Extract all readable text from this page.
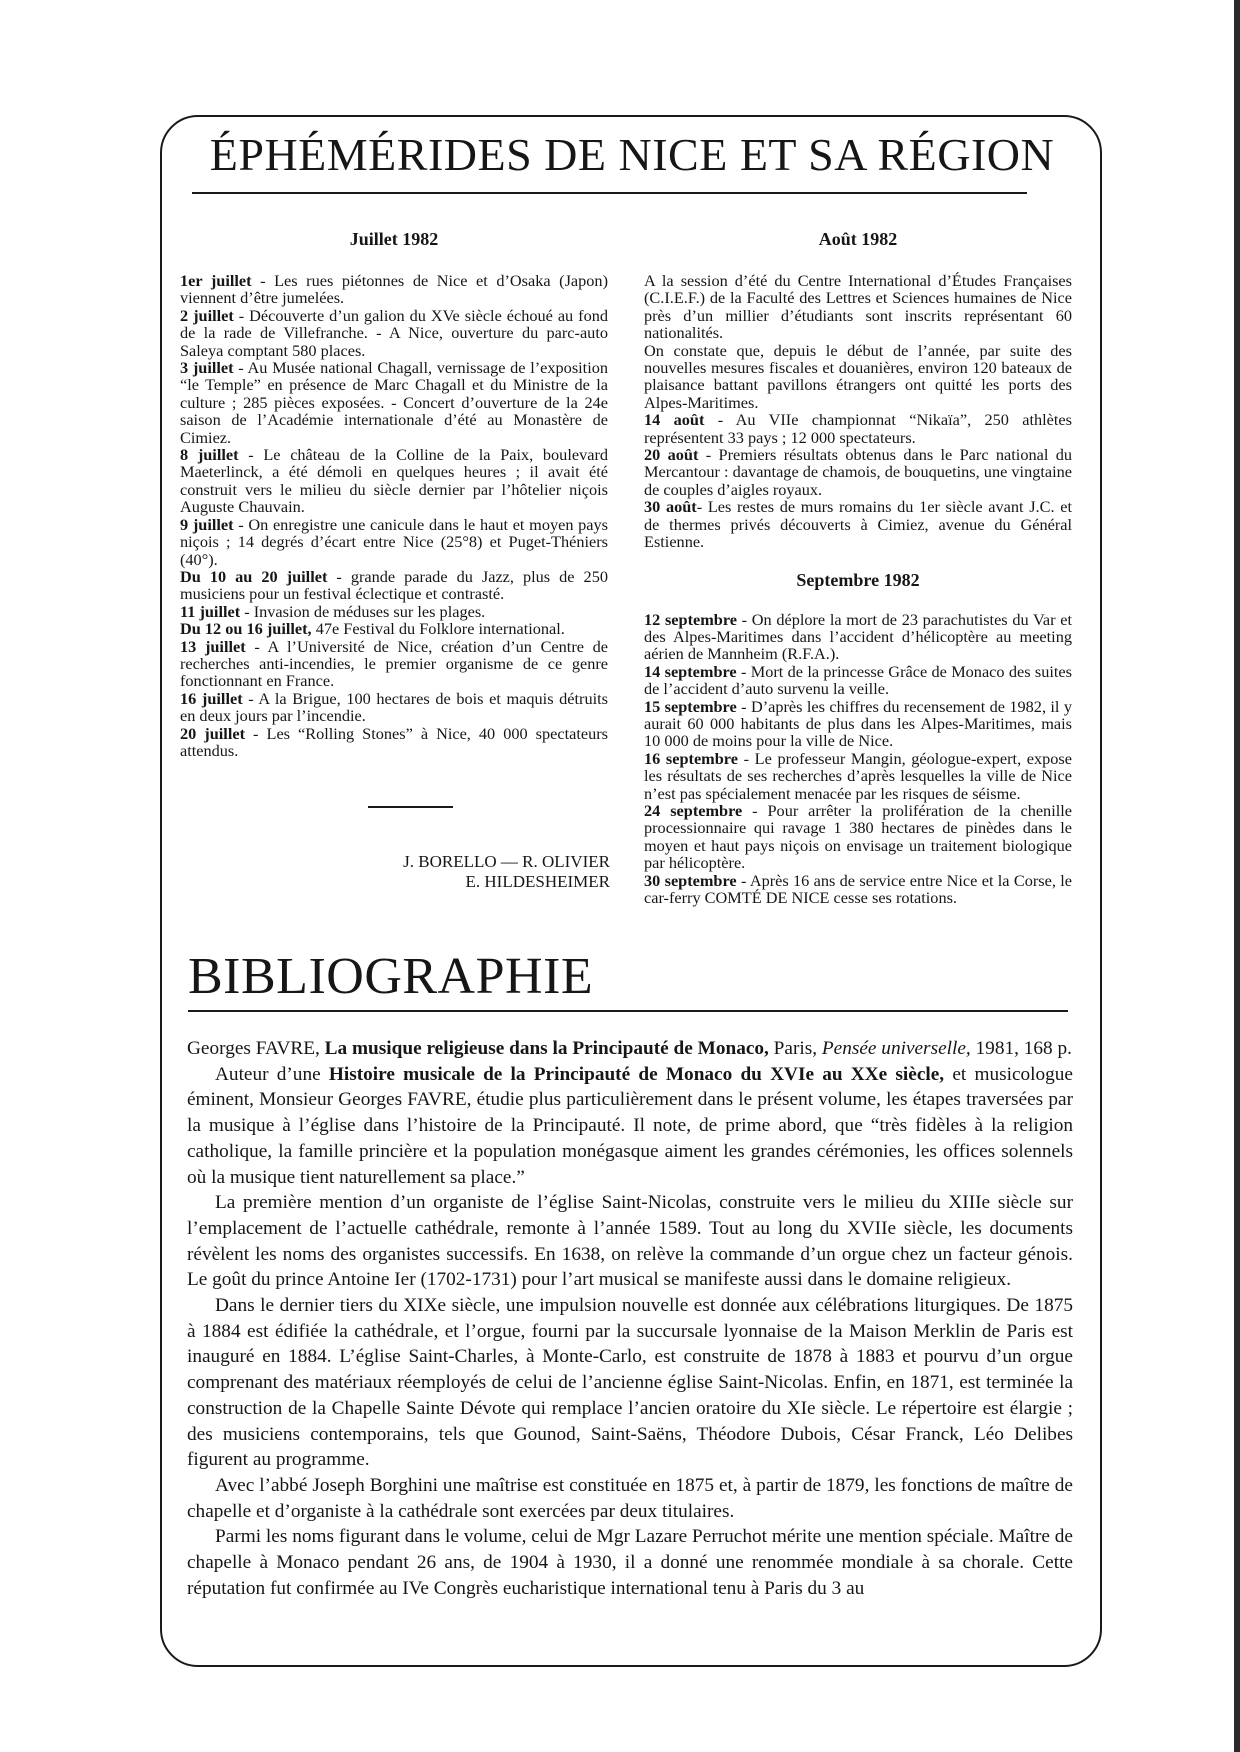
ÉPHÉMÉRIDES DE NICE ET SA RÉGION
Juillet 1982

1er juillet - Les rues piétonnes de Nice et d’Osaka (Japon) viennent d’être jumelées.

2 juillet - Découverte d’un galion du XVe siècle échoué au fond de la rade de Villefranche. - A Nice, ouverture du parc-auto Saleya comptant 580 places.

3 juillet - Au Musée national Chagall, vernissage de l’exposition “le Temple” en présence de Marc Chagall et du Ministre de la culture ; 285 pièces exposées. - Concert d’ouverture de la 24e saison de l’Académie internationale d’été au Monastère de Cimiez.

8 juillet - Le château de la Colline de la Paix, boulevard Maeterlinck, a été démoli en quelques heures ; il avait été construit vers le milieu du siècle dernier par l’hôtelier niçois Auguste Chauvain.

9 juillet - On enregistre une canicule dans le haut et moyen pays niçois ; 14 degrés d’écart entre Nice (25°8) et Puget-Théniers (40°).

Du 10 au 20 juillet - grande parade du Jazz, plus de 250 musiciens pour un festival éclectique et contrasté.

11 juillet - Invasion de méduses sur les plages.

Du 12 ou 16 juillet, 47e Festival du Folklore international.

13 juillet - A l’Université de Nice, création d’un Centre de recherches anti-incendies, le premier organisme de ce genre fonctionnant en France.

16 juillet - A la Brigue, 100 hectares de bois et maquis détruits en deux jours par l’incendie.

20 juillet - Les “Rolling Stones” à Nice, 40 000 spectateurs attendus.

J. BORELLO — R. OLIVIER
E. HILDESHEIMER
Août 1982

A la session d’été du Centre International d’Études Françaises (C.I.E.F.) de la Faculté des Lettres et Sciences humaines de Nice près d’un millier d’étudiants sont inscrits représentant 60 nationalités.

On constate que, depuis le début de l’année, par suite des nouvelles mesures fiscales et douanières, environ 120 bateaux de plaisance battant pavillons étrangers ont quitté les ports des Alpes-Maritimes.

14 août - Au VIIe championnat “Nikaïa”, 250 athlètes représentent 33 pays ; 12 000 spectateurs.

20 août - Premiers résultats obtenus dans le Parc national du Mercantour : davantage de chamois, de bouquetins, une vingtaine de couples d’aigles royaux.

30 août- Les restes de murs romains du 1er siècle avant J.C. et de thermes privés découverts à Cimiez, avenue du Général Estienne.

Septembre 1982

12 septembre - On déplore la mort de 23 parachutistes du Var et des Alpes-Maritimes dans l’accident d’hélicoptère au meeting aérien de Mannheim (R.F.A.).

14 septembre - Mort de la princesse Grâce de Monaco des suites de l’accident d’auto survenu la veille.

15 septembre - D’après les chiffres du recensement de 1982, il y aurait 60 000 habitants de plus dans les Alpes-Maritimes, mais 10 000 de moins pour la ville de Nice.

16 septembre - Le professeur Mangin, géologue-expert, expose les résultats de ses recherches d’après lesquelles la ville de Nice n’est pas spécialement menacée par les risques de séisme.

24 septembre - Pour arrêter la prolifération de la chenille processionnaire qui ravage 1 380 hectares de pinèdes dans le moyen et haut pays niçois on envisage un traitement biologique par hélicoptère.

30 septembre - Après 16 ans de service entre Nice et la Corse, le car-ferry COMTÉ DE NICE cesse ses rotations.

BIBLIOGRAPHIE

Georges FAVRE, La musique religieuse dans la Principauté de Monaco, Paris, Pensée universelle, 1981, 168 p.

Auteur d’une Histoire musicale de la Principauté de Monaco du XVIe au XXe siècle, et musicologue éminent, Monsieur Georges FAVRE, étudie plus particulièrement dans le présent volume, les étapes traversées par la musique à l’église dans l’histoire de la Principauté. Il note, de prime abord, que “très fidèles à la religion catholique, la famille princière et la population monégasque aiment les grandes cérémonies, les offices solennels où la musique tient naturellement sa place.”

La première mention d’un organiste de l’église Saint-Nicolas, construite vers le milieu du XIIIe siècle sur l’emplacement de l’actuelle cathédrale, remonte à l’année 1589. Tout au long du XVIIe siècle, les documents révèlent les noms des organistes successifs. En 1638, on relève la commande d’un orgue chez un facteur génois. Le goût du prince Antoine Ier (1702-1731) pour l’art musical se manifeste aussi dans le domaine religieux.

Dans le dernier tiers du XIXe siècle, une impulsion nouvelle est donnée aux célébrations liturgiques. De 1875 à 1884 est édifiée la cathédrale, et l’orgue, fourni par la succursale lyonnaise de la Maison Merklin de Paris est inauguré en 1884. L’église Saint-Charles, à Monte-Carlo, est construite de 1878 à 1883 et pourvu d’un orgue comprenant des matériaux réemployés de celui de l’ancienne église Saint-Nicolas. Enfin, en 1871, est terminée la construction de la Chapelle Sainte Dévote qui remplace l’ancien oratoire du XIe siècle. Le répertoire est élargie ; des musiciens contemporains, tels que Gounod, Saint-Saëns, Théodore Dubois, César Franck, Léo Delibes figurent au programme.

Avec l’abbé Joseph Borghini une maîtrise est constituée en 1875 et, à partir de 1879, les fonctions de maître de chapelle et d’organiste à la cathédrale sont exercées par deux titulaires.

Parmi les noms figurant dans le volume, celui de Mgr Lazare Perruchot mérite une mention spéciale. Maître de chapelle à Monaco pendant 26 ans, de 1904 à 1930, il a donné une renommée mondiale à sa chorale. Cette réputation fut confirmée au IVe Congrès eucharistique international tenu à Paris du 3 au
